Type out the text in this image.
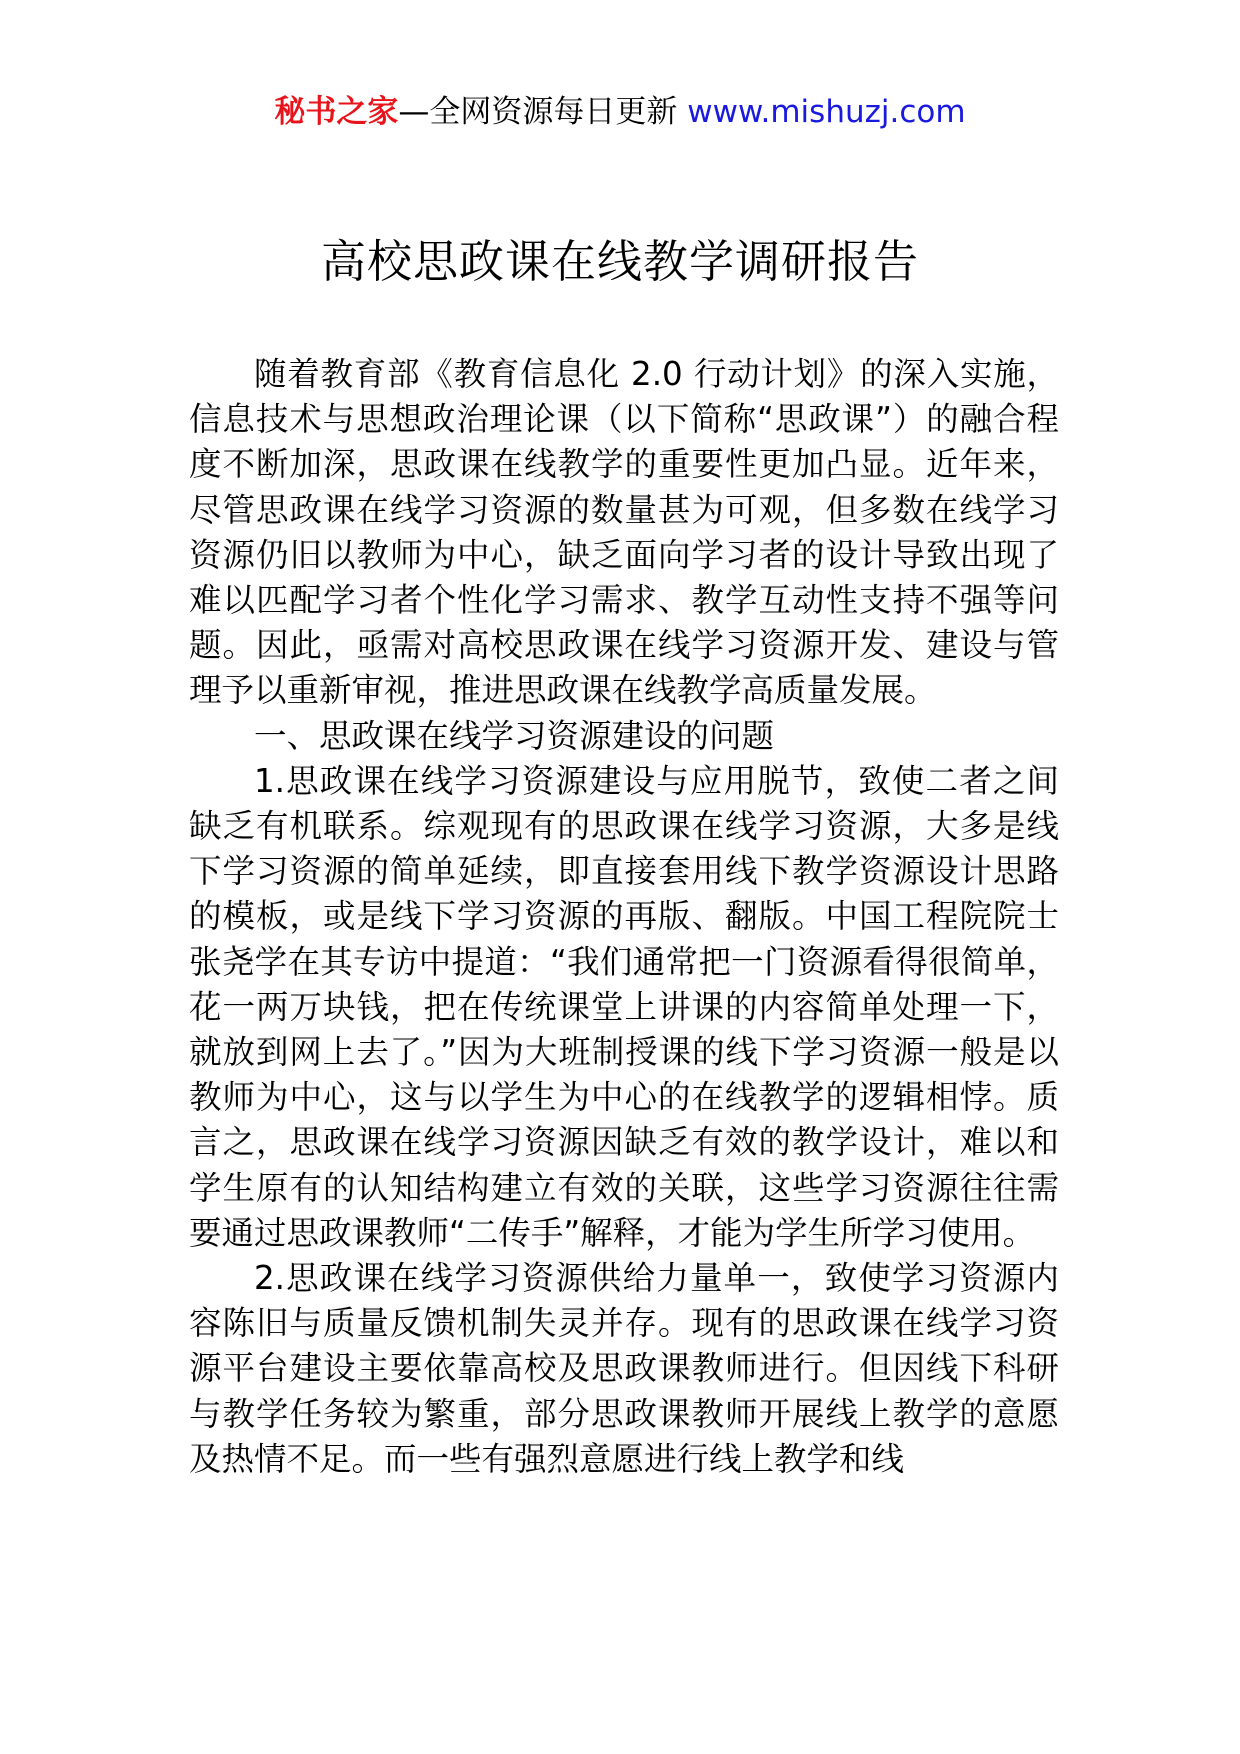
秘书之家—全网资源每日更新 www.mishuzj.com
高校思政课在线教学调研报告

随着教育部《教育信息化 2.0 行动计划》的深入实施，信息技术与思想政治理论课（以下简称“思政课”）的融合程度不断加深，思政课在线教学的重要性更加凸显。近年来，尽管思政课在线学习资源的数量甚为可观，但多数在线学习资源仍旧以教师为中心，缺乏面向学习者的设计导致出现了难以匹配学习者个性化学习需求、教学互动性支持不强等问题。因此，亟需对高校思政课在线学习资源开发、建设与管理予以重新审视，推进思政课在线教学高质量发展。

一、思政课在线学习资源建设的问题

1.思政课在线学习资源建设与应用脱节，致使二者之间缺乏有机联系。综观现有的思政课在线学习资源，大多是线下学习资源的简单延续，即直接套用线下教学资源设计思路的模板，或是线下学习资源的再版、翻版。中国工程院院士张尧学在其专访中提道：“我们通常把一门资源看得很简单，花一两万块钱，把在传统课堂上讲课的内容简单处理一下，就放到网上去了。”因为大班制授课的线下学习资源一般是以教师为中心，这与以学生为中心的在线教学的逻辑相悖。质言之，思政课在线学习资源因缺乏有效的教学设计，难以和学生原有的认知结构建立有效的关联，这些学习资源往往需要通过思政课教师“二传手”解释，才能为学生所学习使用。

2.思政课在线学习资源供给力量单一，致使学习资源内容陈旧与质量反馈机制失灵并存。现有的思政课在线学习资源平台建设主要依靠高校及思政课教师进行。但因线下科研与教学任务较为繁重，部分思政课教师开展线上教学的意愿及热情不足。而一些有强烈意愿进行线上教学和线
